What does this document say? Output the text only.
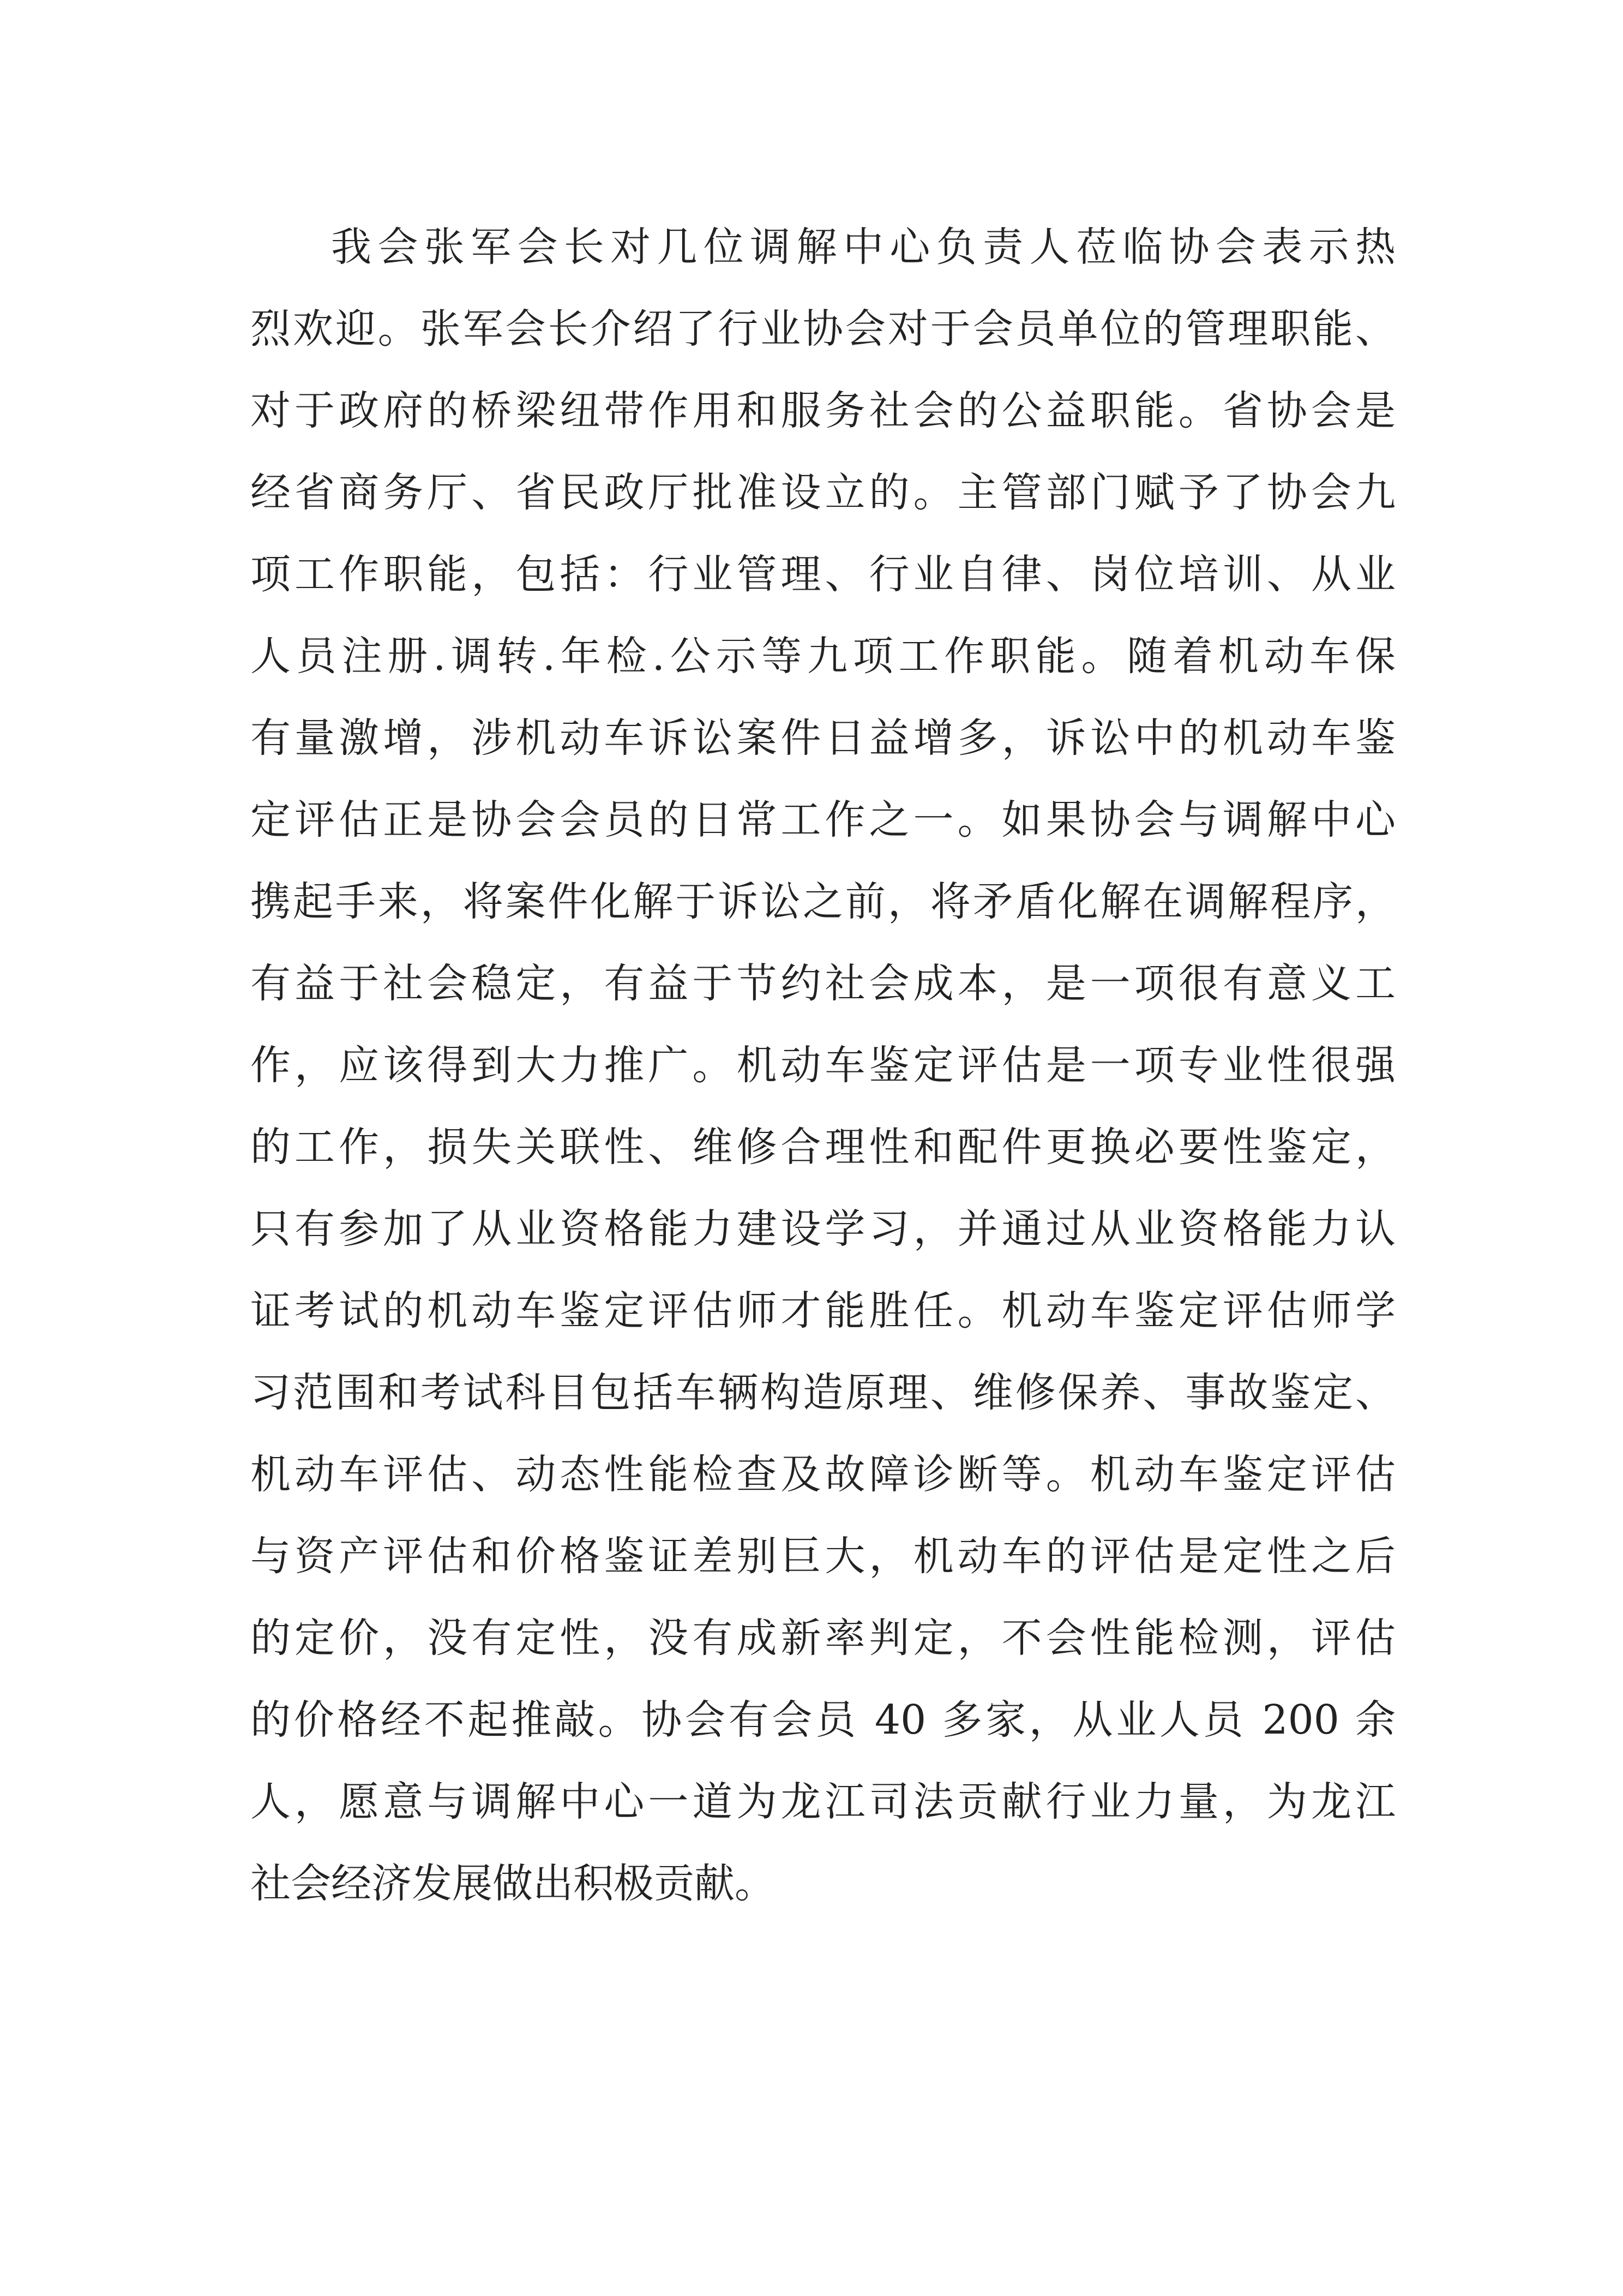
我会张军会长对几位调解中心负责人莅临协会表示热
烈欢迎。张军会长介绍了行业协会对于会员单位的管理职能、
对于政府的桥梁纽带作用和服务社会的公益职能。省协会是
经省商务厅、省民政厅批准设立的。主管部门赋予了协会九
项工作职能，包括：行业管理、行业自律、岗位培训、从业
人员注册.调转.年检.公示等九项工作职能。随着机动车保
有量激增，涉机动车诉讼案件日益增多，诉讼中的机动车鉴
定评估正是协会会员的日常工作之一。如果协会与调解中心
携起手来，将案件化解于诉讼之前，将矛盾化解在调解程序，
有益于社会稳定，有益于节约社会成本，是一项很有意义工
作，应该得到大力推广。机动车鉴定评估是一项专业性很强
的工作，损失关联性、维修合理性和配件更换必要性鉴定，
只有参加了从业资格能力建设学习，并通过从业资格能力认
证考试的机动车鉴定评估师才能胜任。机动车鉴定评估师学
习范围和考试科目包括车辆构造原理、维修保养、事故鉴定、
机动车评估、动态性能检查及故障诊断等。机动车鉴定评估
与资产评估和价格鉴证差别巨大，机动车的评估是定性之后
的定价，没有定性，没有成新率判定，不会性能检测，评估
的价格经不起推敲。协会有会员 40 多家，从业人员 200 余
人，愿意与调解中心一道为龙江司法贡献行业力量，为龙江
社会经济发展做出积极贡献。
